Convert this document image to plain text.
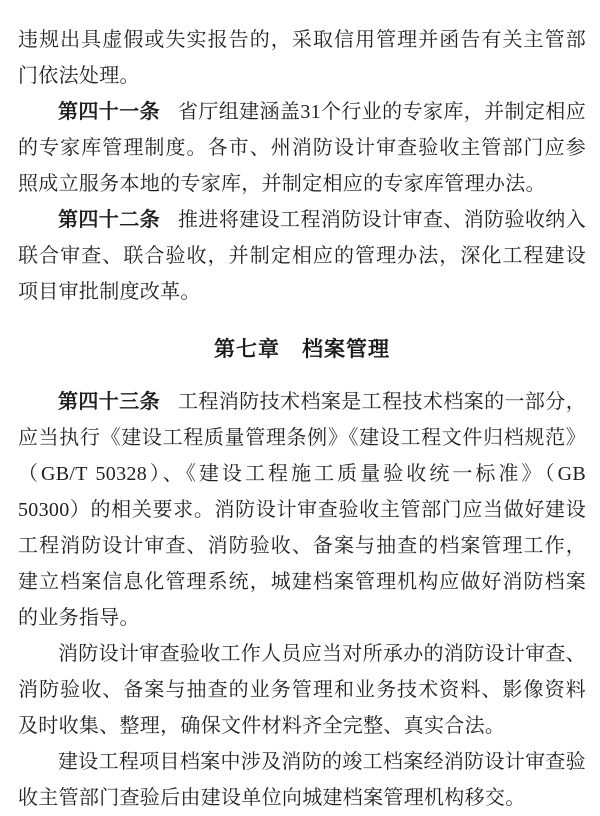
违规出具虚假或失实报告的，采取信用管理并函告有关主管部门依法处理。

第四十一条 省厅组建涵盖31个行业的专家库，并制定相应的专家库管理制度。各市、州消防设计审查验收主管部门应参照成立服务本地的专家库，并制定相应的专家库管理办法。

第四十二条 推进将建设工程消防设计审查、消防验收纳入联合审查、联合验收，并制定相应的管理办法，深化工程建设项目审批制度改革。

第七章　档案管理

第四十三条 工程消防技术档案是工程技术档案的一部分，应当执行《建设工程质量管理条例》《建设工程文件归档规范》（GB/T 50328）、《建设工程施工质量验收统一标准》（GB 50300）的相关要求。消防设计审查验收主管部门应当做好建设工程消防设计审查、消防验收、备案与抽查的档案管理工作，建立档案信息化管理系统，城建档案管理机构应做好消防档案的业务指导。

消防设计审查验收工作人员应当对所承办的消防设计审查、消防验收、备案与抽查的业务管理和业务技术资料、影像资料及时收集、整理，确保文件材料齐全完整、真实合法。

建设工程项目档案中涉及消防的竣工档案经消防设计审查验收主管部门查验后由建设单位向城建档案管理机构移交。
